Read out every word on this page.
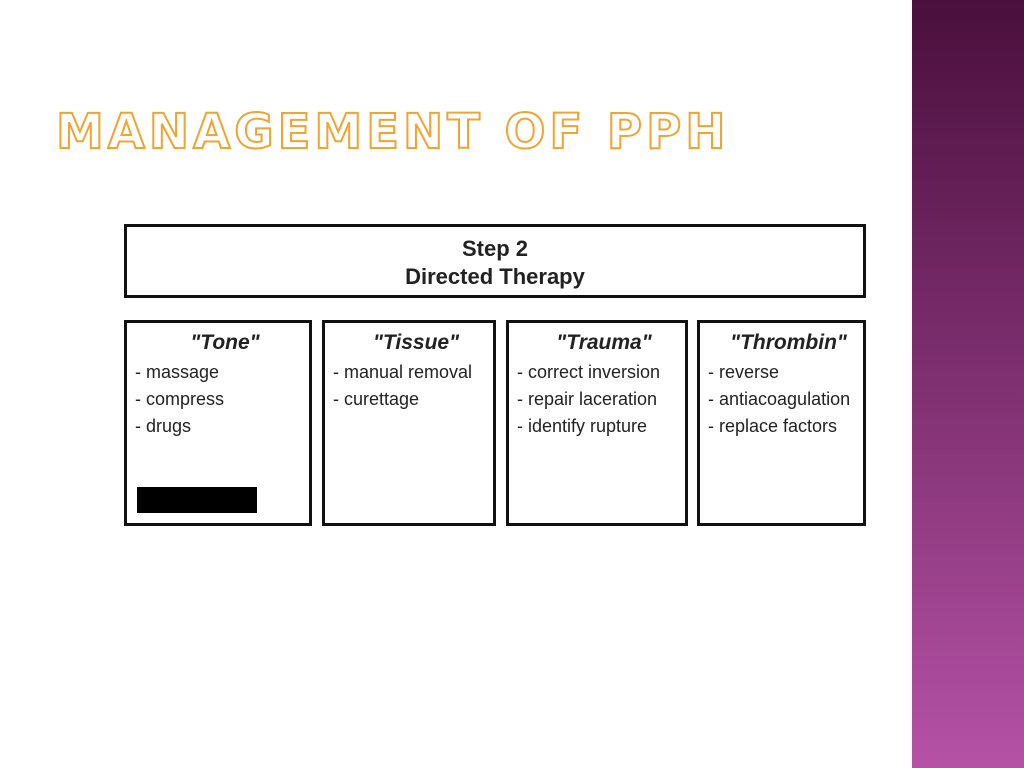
MANAGEMENT OF PPH
Step 2
Directed Therapy
"Tone"
- massage
- compress
- drugs
"Tissue"
- manual removal
- curettage
"Trauma"
- correct inversion
- repair laceration
- identify rupture
"Thrombin"
- reverse
- antiacoagulation
- replace factors
